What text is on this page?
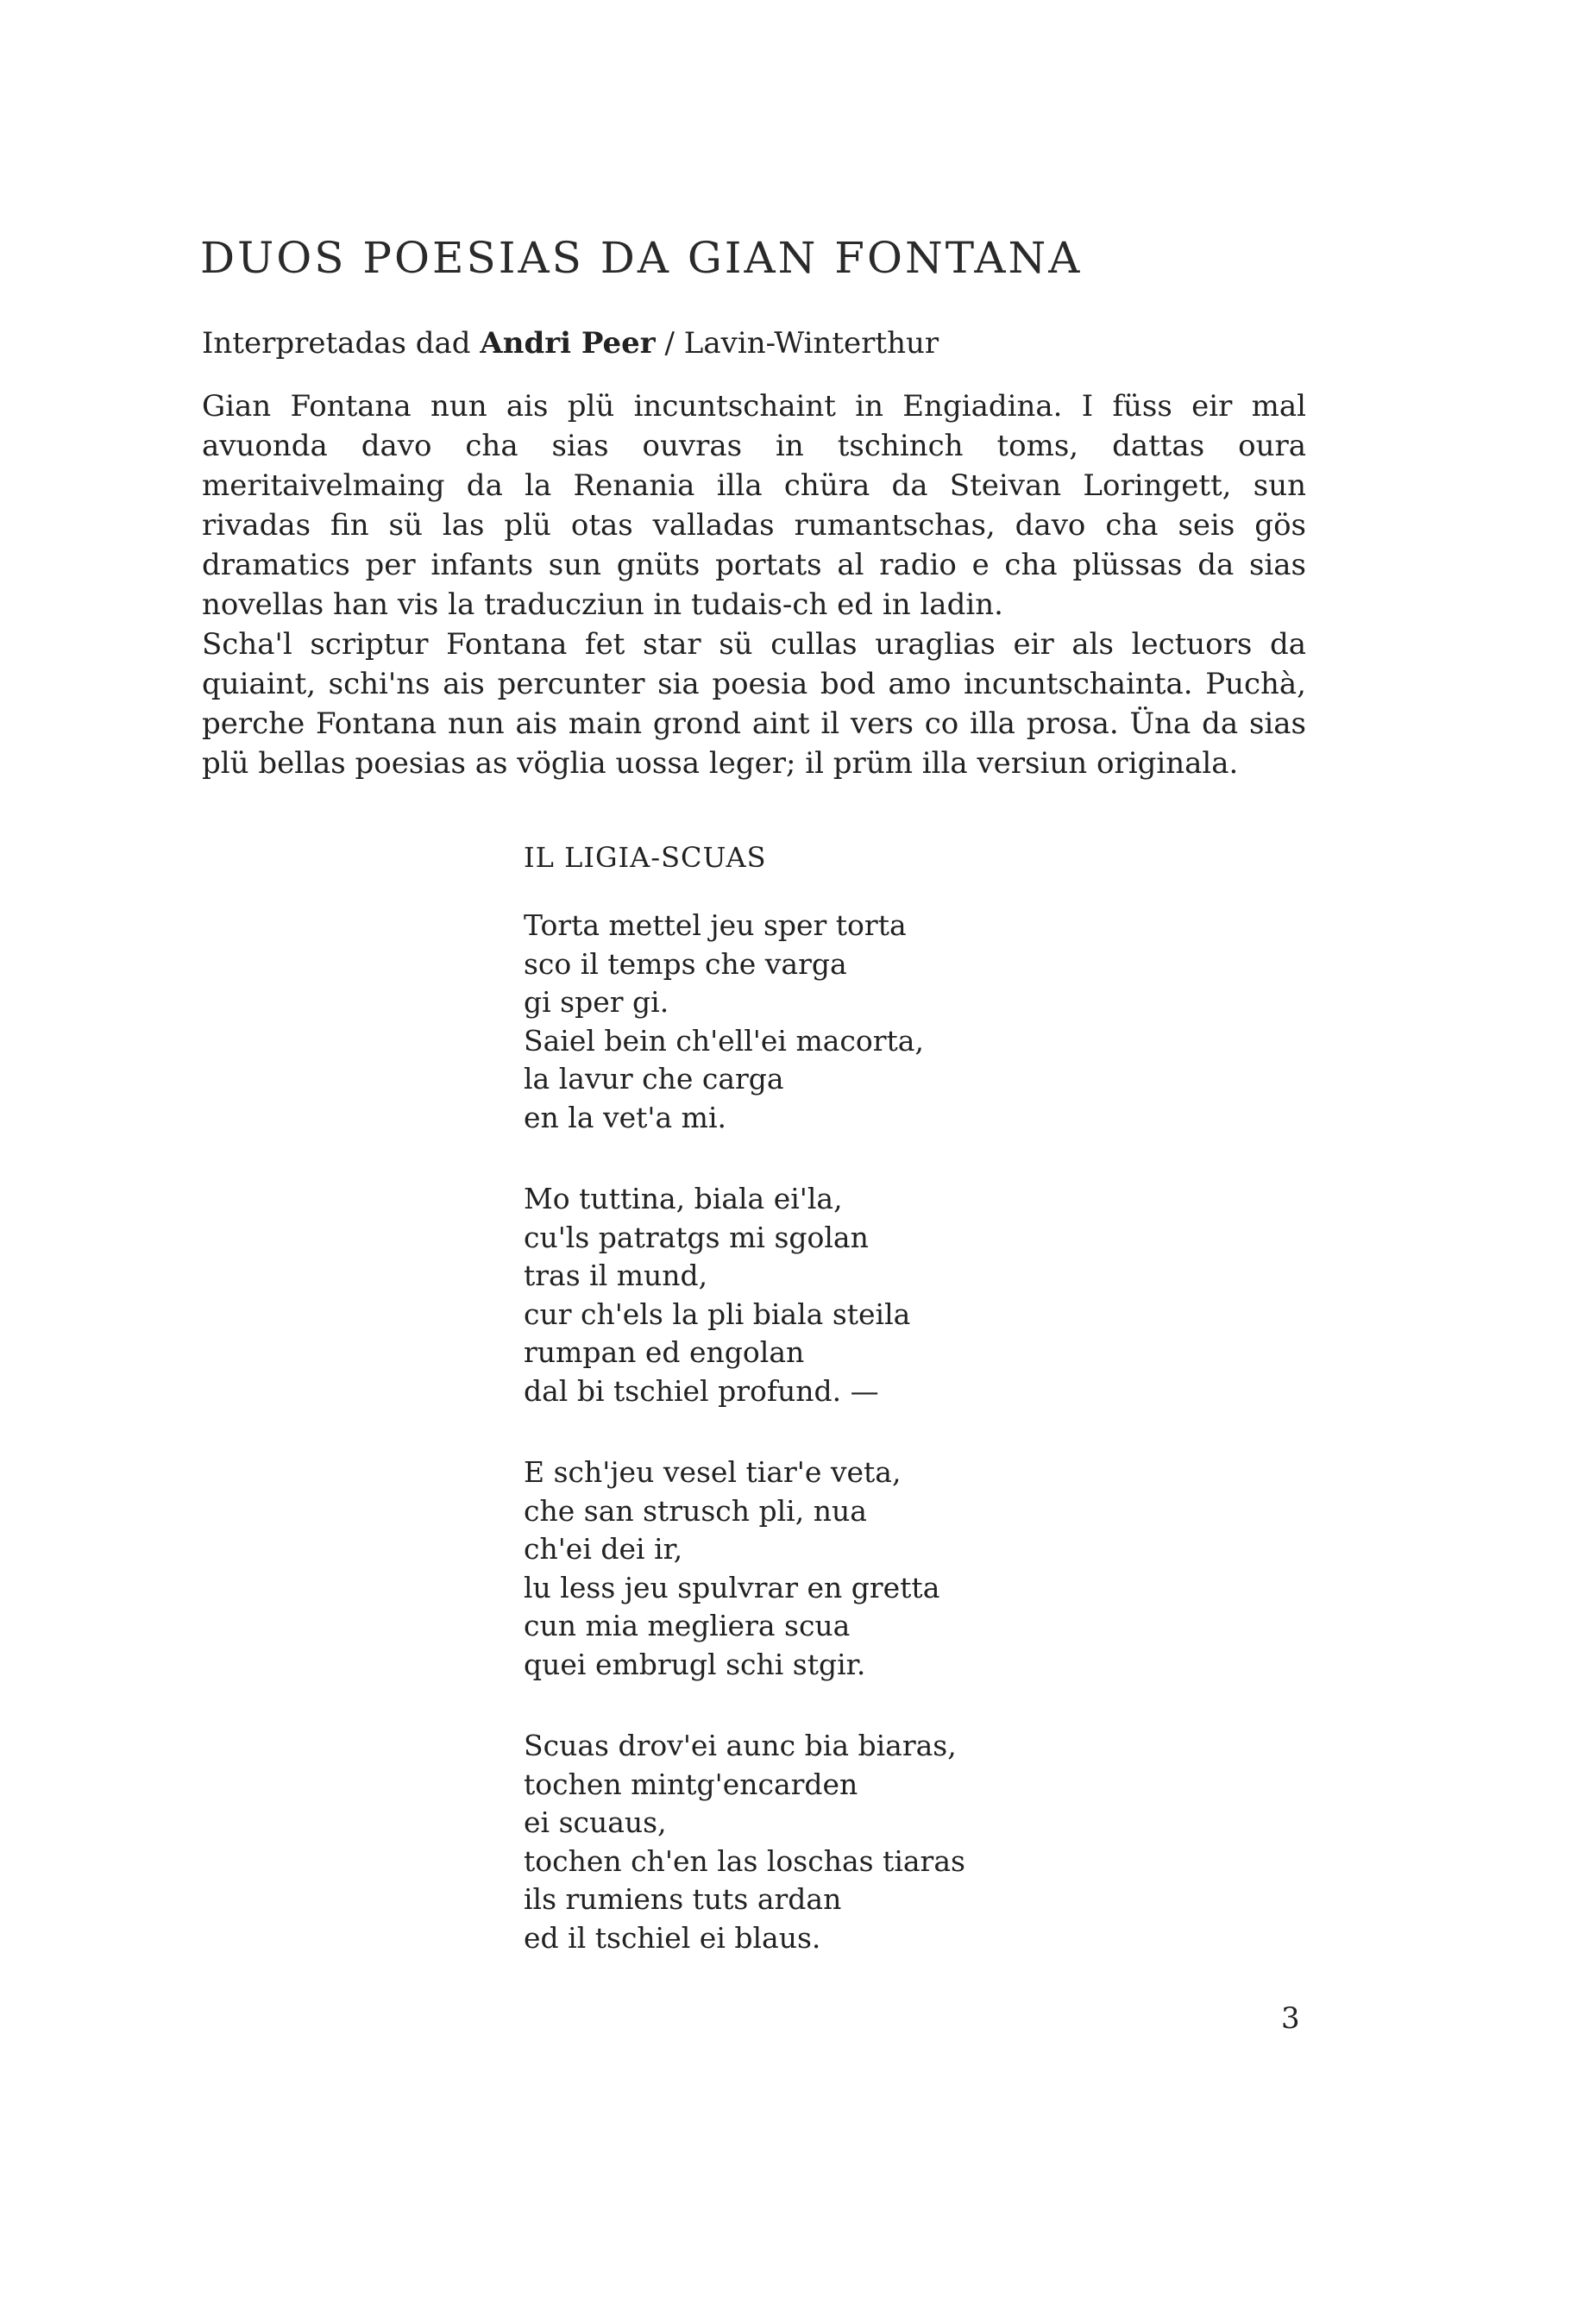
DUOS POESIAS DA GIAN FONTANA
Interpretadas dad Andri Peer / Lavin-Winterthur

Gian Fontana nun ais plü incuntschaint in Engiadina. I füss eir mal avuonda davo cha sias ouvras in tschinch toms, dattas oura meritaivelmaing da la Renania illa chüra da Steivan Loringett, sun rivadas fin sü las plü otas valladas rumantschas, davo cha seis gös dramatics per infants sun gnüts portats al radio e cha plüssas da sias novellas han vis la traducziun in tudais-ch ed in ladin.

Scha'l scriptur Fontana fet star sü cullas uraglias eir als lectuors da quiaint, schi'ns ais percunter sia poesia bod amo incuntschainta. Puchà, perche Fontana nun ais main grond aint il vers co illa prosa. Üna da sias plü bellas poesias as vöglia uossa leger; il prüm illa versiun originala.

IL LIGIA-SCUAS
Torta mettel jeu sper torta
sco il temps che varga
gi sper gi.
Saiel bein ch'ell'ei macorta,
la lavur che carga
en la vet'a mi.
Mo tuttina, biala ei'la,
cu'ls patratgs mi sgolan
tras il mund,
cur ch'els la pli biala steila
rumpan ed engolan
dal bi tschiel profund. —
E sch'jeu vesel tiar'e veta,
che san strusch pli, nua
ch'ei dei ir,
lu less jeu spulvrar en gretta
cun mia megliera scua
quei embrugl schi stgir.
Scuas drov'ei aunc bia biaras,
tochen mintg'encarden
ei scuaus,
tochen ch'en las loschas tiaras
ils rumiens tuts ardan
ed il tschiel ei blaus.
3
